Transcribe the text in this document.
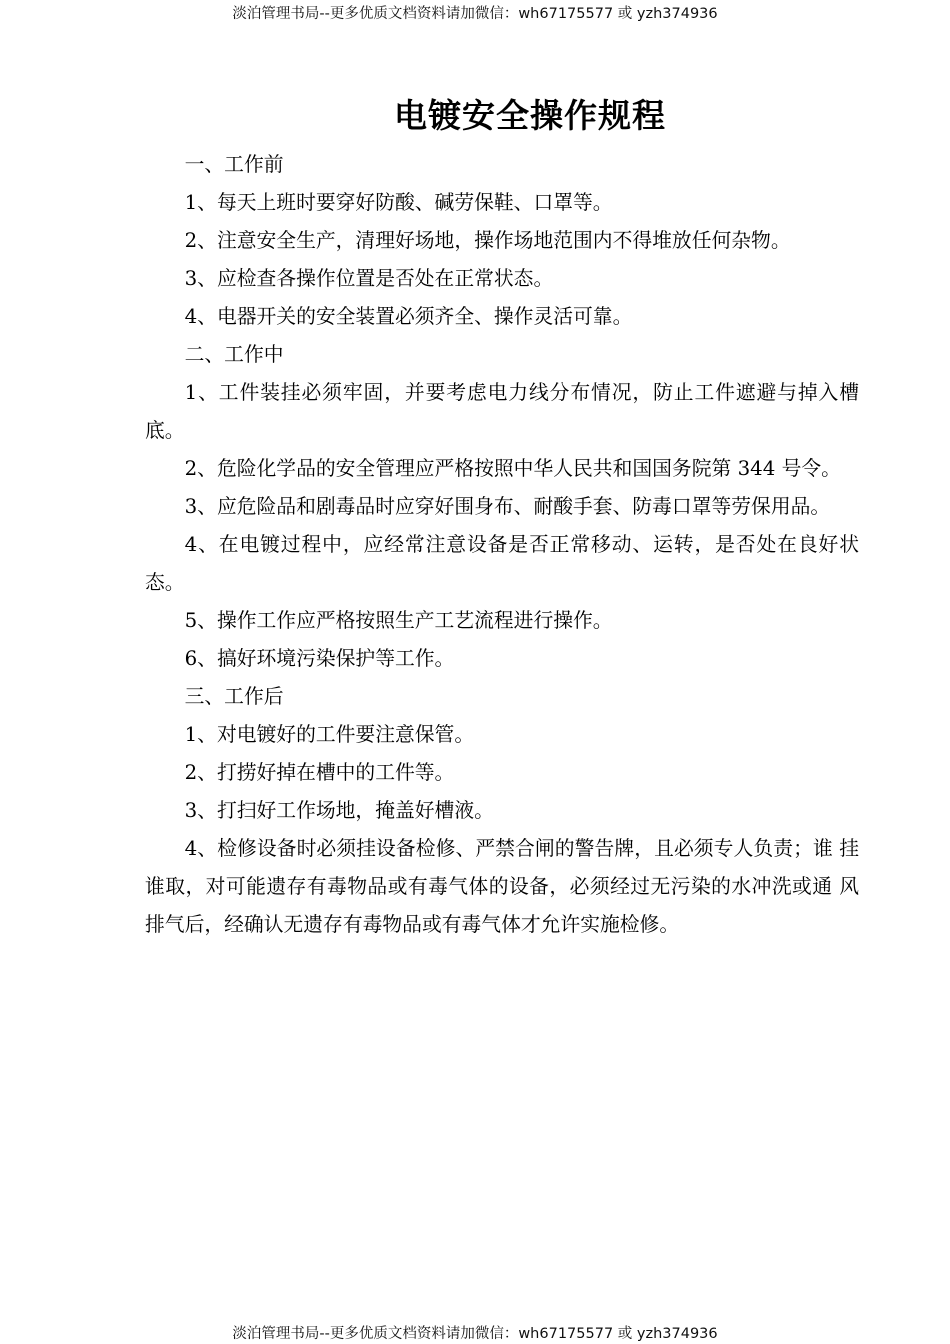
淡泊管理书局--更多优质文档资料请加微信：wh67175577 或 yzh374936
电镀安全操作规程

一、工作前

1、每天上班时要穿好防酸、碱劳保鞋、口罩等。

2、注意安全生产，清理好场地，操作场地范围内不得堆放任何杂物。

3、应检查各操作位置是否处在正常状态。

4、电器开关的安全装置必须齐全、操作灵活可靠。

二、工作中

1、工件装挂必须牢固，并要考虑电力线分布情况，防止工件遮避与掉入槽底。

2、危险化学品的安全管理应严格按照中华人民共和国国务院第 344 号令。

3、应危险品和剧毒品时应穿好围身布、耐酸手套、防毒口罩等劳保用品。

4、在电镀过程中，应经常注意设备是否正常移动、运转，是否处在良好状态。

5、操作工作应严格按照生产工艺流程进行操作。

6、搞好环境污染保护等工作。

三、工作后

1、对电镀好的工件要注意保管。

2、打捞好掉在槽中的工件等。

3、打扫好工作场地，掩盖好槽液。

4、检修设备时必须挂设备检修、严禁合闸的警告牌，且必须专人负责；谁 挂谁取，对可能遗存有毒物品或有毒气体的设备，必须经过无污染的水冲洗或通 风排气后，经确认无遗存有毒物品或有毒气体才允许实施检修。

淡泊管理书局--更多优质文档资料请加微信：wh67175577 或 yzh374936
